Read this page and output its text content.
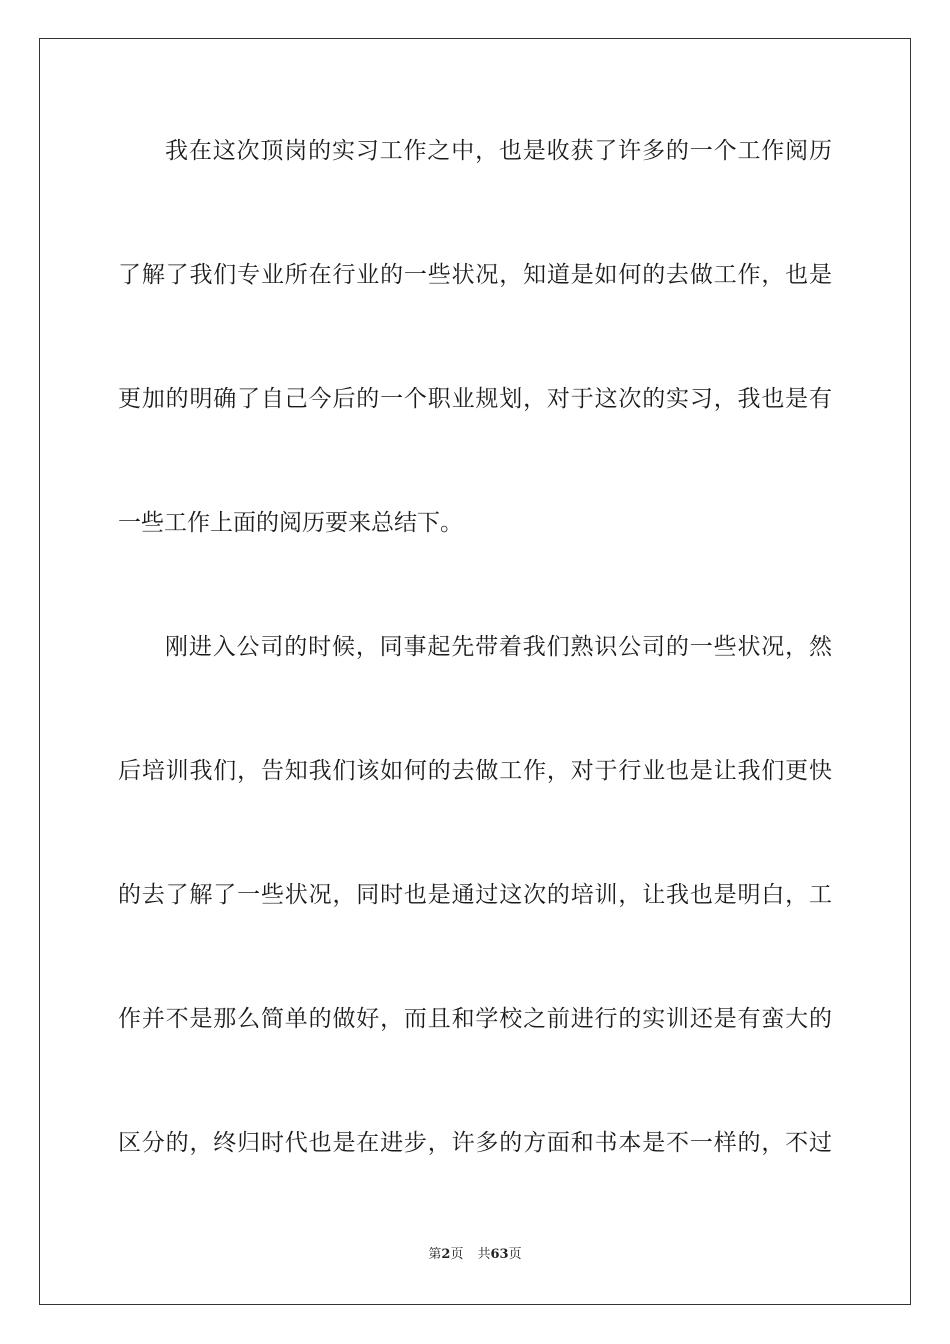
我在这次顶岗的实习工作之中，也是收获了许多的一个工作阅历
了解了我们专业所在行业的一些状况，知道是如何的去做工作，也是
更加的明确了自己今后的一个职业规划，对于这次的实习，我也是有
一些工作上面的阅历要来总结下。
刚进入公司的时候，同事起先带着我们熟识公司的一些状况，然
后培训我们，告知我们该如何的去做工作，对于行业也是让我们更快
的去了解了一些状况，同时也是通过这次的培训，让我也是明白，工
作并不是那么简单的做好，而且和学校之前进行的实训还是有蛮大的
区分的，终归时代也是在进步，许多的方面和书本是不一样的，不过
第2页 共63页
